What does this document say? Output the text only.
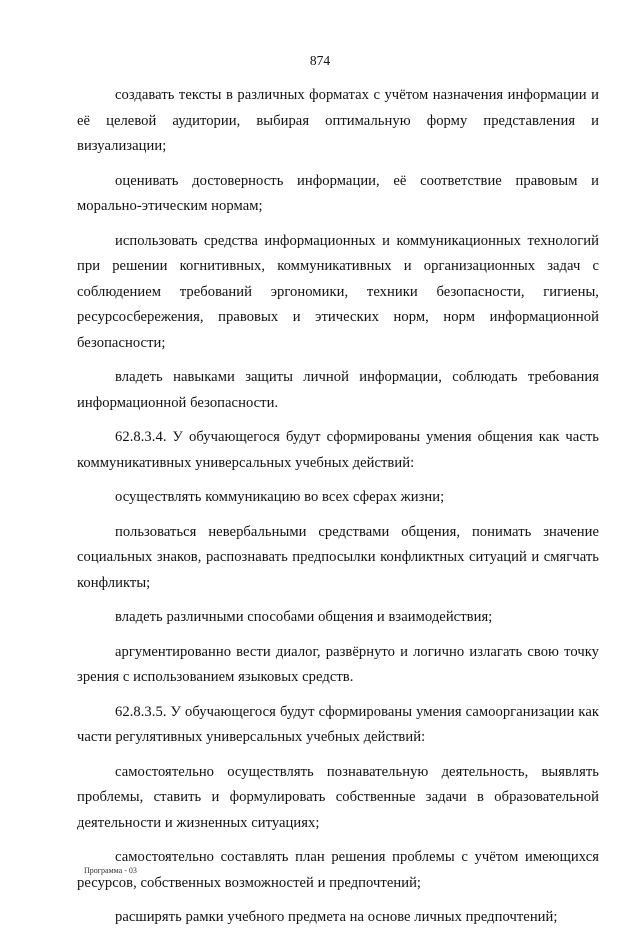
874

создавать тексты в различных форматах с учётом назначения информации и её целевой аудитории, выбирая оптимальную форму представления и визуализации;

оценивать достоверность информации, её соответствие правовым и морально-этическим нормам;

использовать средства информационных и коммуникационных технологий при решении когнитивных, коммуникативных и организационных задач с соблюдением требований эргономики, техники безопасности, гигиены, ресурсосбережения, правовых и этических норм, норм информационной безопасности;

владеть навыками защиты личной информации, соблюдать требования информационной безопасности.

62.8.3.4. У обучающегося будут сформированы умения общения как часть коммуникативных универсальных учебных действий:

осуществлять коммуникацию во всех сферах жизни;

пользоваться невербальными средствами общения, понимать значение социальных знаков, распознавать предпосылки конфликтных ситуаций и смягчать конфликты;

владеть различными способами общения и взаимодействия;

аргументированно вести диалог, развёрнуто и логично излагать свою точку зрения с использованием языковых средств.

62.8.3.5. У обучающегося будут сформированы умения самоорганизации как части регулятивных универсальных учебных действий:

самостоятельно осуществлять познавательную деятельность, выявлять проблемы, ставить и формулировать собственные задачи в образовательной деятельности и жизненных ситуациях;

самостоятельно составлять план решения проблемы с учётом имеющихся ресурсов, собственных возможностей и предпочтений;

расширять рамки учебного предмета на основе личных предпочтений;

Программа - 03
